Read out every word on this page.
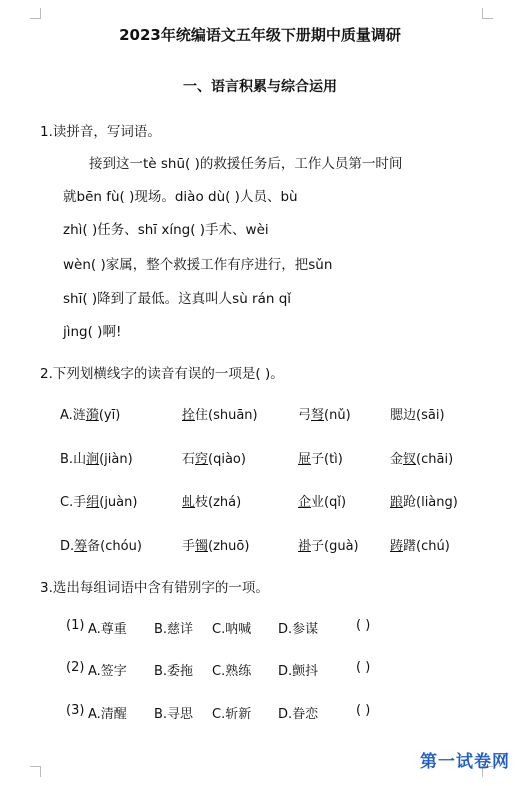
2023年统编语文五年级下册期中质量调研
一、语言积累与综合运用
1.读拼音，写词语。
接到这一tè shū( )的救援任务后，工作人员第一时间
就bēn fù( )现场。diào dù( )人员、bù
zhì( )任务、shī xíng( )手术、wèi
wèn( )家属，整个救援工作有序进行，把sǔn
shī( )降到了最低。这真叫人sù rán qǐ
jìng( )啊!
2.下列划横线字的读音有误的一项是( )。
A.涟漪(yī)	拴住(shuān)	弓弩(nǔ)	腮边(sāi)
B.山涧(jiàn)	石窍(qiào)	屉子(tì)	金钗(chāi)
C.手绢(juàn)	虬枝(zhá)	企业(qǐ)	踉跄(liàng)
D.筹备(chóu)	手镯(zhuō)	褂子(guà) 踌躇(chú)
3.选出每组词语中含有错别字的一项。
(1) A.尊重 B.慈详 C.呐喊 D.参谋	( )
(2) A.签字 B.委拖 C.熟练 D.颤抖	( )
(3) A.清醒 B.寻思 C.斩新 D.眷恋	( )
第一试卷网
